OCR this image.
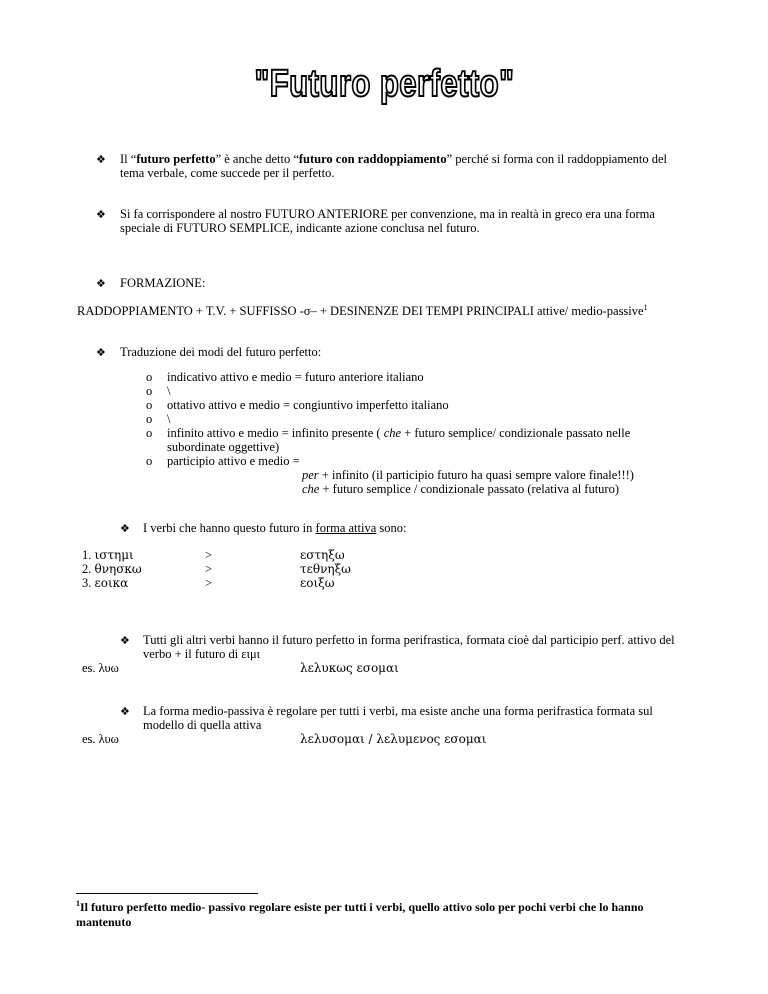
"Futuro perfetto"
❖ Il “futuro perfetto” è anche detto “futuro con raddoppiamento” perché si forma con il raddoppiamento del
tema verbale, come succede per il perfetto.
❖ Si fa corrispondere al nostro FUTURO ANTERIORE per convenzione, ma in realtà in greco era una forma
speciale di FUTURO SEMPLICE, indicante azione conclusa nel futuro.
❖ FORMAZIONE:
RADDOPPIAMENTO + T.V. + SUFFISSO -σ– + DESINENZE DEI TEMPI PRINCIPALI attive/ medio-passive$^1$
❖ Traduzione dei modi del futuro perfetto:
o indicativo attivo e medio = futuro anteriore italiano
o \
o ottativo attivo e medio = congiuntivo imperfetto italiano
o \
o infinito attivo e medio = infinito presente ( che + futuro semplice/ condizionale passato nelle
subordinate oggettive)
o participio attivo e medio =
per + infinito (il participio futuro ha quasi sempre valore finale!!!)
che + futuro semplice / condizionale passato (relativa al futuro)
❖ I verbi che hanno questo futuro in forma attiva sono:
1. ιστημι	>	εστηξω
2. θνησκω	>	τεθνηξω
3. εοικα	>	εοιξω
❖ Tutti gli altri verbi hanno il futuro perfetto in forma perifrastica, formata cioè dal participio perf. attivo del
verbo + il futuro di ειμι
es. λυω	λελυκως εσομαι
❖ La forma medio-passiva è regolare per tutti i verbi, ma esiste anche una forma perifrastica formata sul
modello di quella attiva
es. λυω	λελυσομαι / λελυμενος εσομαι
$^1$Il futuro perfetto medio- passivo regolare esiste per tutti i verbi, quello attivo solo per pochi verbi che lo hanno
mantenuto
